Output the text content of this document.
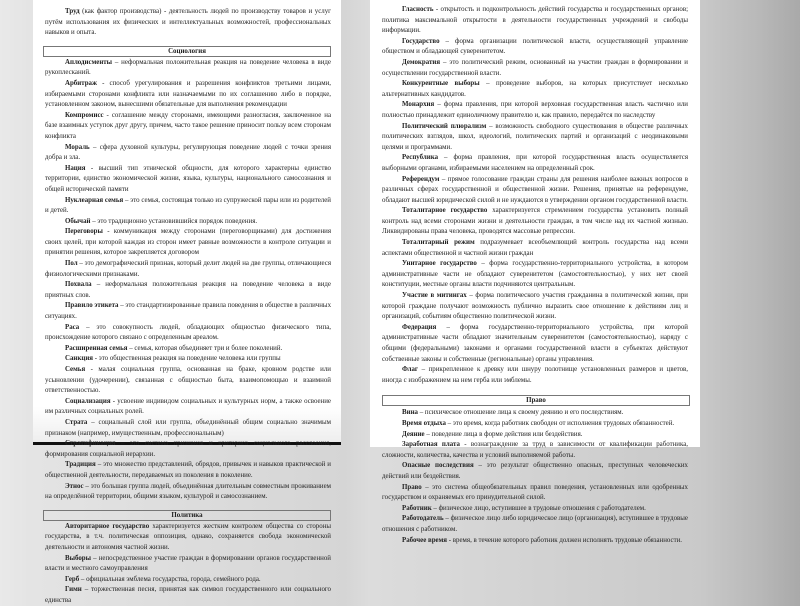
Труд (как фактор производства) - деятельность людей по производству товаров и услуг путём использования их физических и интеллектуальных возможностей, профессиональных навыков и опыта.

Социология

Аплодисменты – неформальная положительная реакция на поведение человека в виде рукоплесканий.

Арбитраж - способ урегулирования и разрешения конфликтов третьими лицами, избираемыми сторонами конфликта или назначаемыми по их соглашению либо в порядке, установленном законом, вынесшими обязательные для выполнения рекомендации

Компромисс - соглашение между сторонами, имеющими разногласия, заключенное на базе взаимных уступок друг другу, причем, часто такое решение приносит пользу всем сторонам конфликта

Мораль – сфера духовной культуры, регулирующая поведение людей с точки зрения добра и зла.

Нация - высший тип этнической общности, для которого характерны единство территории, единство экономической жизни, языка, культуры, национального самосознания и общей исторической памяти

Нуклеарная семья – это семья, состоящая только из супружеской пары или из родителей и детей.

Обычай – это традиционно установившийся порядок поведения.

Переговоры - коммуникация между сторонами (переговорщиками) для достижения своих целей, при которой каждая из сторон имеет равные возможности в контроле ситуации и принятии решения, которое закрепляется договором

Пол – это демографический признак, который делит людей на две группы, отличающиеся физиологическими признаками.

Похвала – неформальная положительная реакция на поведение человека в виде приятных слов.

Правило этикета – это стандартизированные правила поведения в обществе в различных ситуациях.

Раса – это совокупность людей, обладающих общностью физического типа, происхождение которого связано с определенным ареалом.

Расширенная семья – семья, которая объединяет три и более поколений.

Санкция - это общественная реакция на поведение человека или группы

Семья - малая социальная группа, основанная на браке, кровном родстве или усыновлении (удочерении), связанная с общностью быта, взаимопомощью и взаимной ответственностью.

Социализация - усвоение индивидом социальных и культурных норм, а также освоение им различных социальных ролей.

Страта – социальный слой или группа, объединённый общим социально значимым признаком (например, имущественным, профессиональным)

Стратификация – это система признаков и критериев социального расслоения, формирования социальной иерархии.

Традиция – это множество представлений, обрядов, привычек и навыков практической и общественной деятельности, передаваемых из поколения в поколение.

Этнос – это большая группа людей, объединённая длительным совместным проживанием на определённой территории, общими языком, культурой и самосознанием.

Политика

Авторитарное государство характеризуется жестким контролем общества со стороны государства, в т.ч. политическая оппозиция, однако, сохраняется свобода экономической деятельности и автономия частной жизни.

Выборы – непосредственное участие граждан в формировании органов государственной власти и местного самоуправления

Герб – официальная эмблема государства, города, семейного рода.

Гимн – торжественная песня, принятая как символ государственного или социального единства

Гласность - открытость и подконтрольность действий государства и государственных органов; политика максимальной открытости в деятельности государственных учреждений и свободы информации.

Государство – форма организации политической власти, осуществляющей управление обществом и обладающей суверенитетом.

Демократия – это политический режим, основанный на участии граждан в формировании и осуществлении государственной власти.

Конкурентные выборы – проведение выборов, на которых присутствует несколько альтернативных кандидатов.

Монархия – форма правления, при которой верховная государственная власть частично или полностью принадлежит единоличному правителю и, как правило, передаётся по наследству

Политический плюрализм – возможность свободного существования в обществе различных политических взглядов, школ, идеологий, политических партий и организаций с неодинаковыми целями и программами.

Республика – форма правления, при которой государственная власть осуществляется выборными органами, избираемыми населением на определенный срок.

Референдум – прямое голосование граждан страны для решения наиболее важных вопросов в различных сферах государственной и общественной жизни. Решения, принятые на референдуме, обладают высшей юридической силой и не нуждаются в утверждении органом государственной власти.

Тоталитарное государство характеризуется стремлением государства установить полный контроль над всеми сторонами жизни и деятельности граждан, в том числе над их частной жизнью. Ликвидированы права человека, проводятся массовые репрессии.

Тоталитарный режим подразумевает всеобъемлющий контроль государства над всеми аспектами общественной и частной жизни граждан

Унитарное государство – форма государственно-территориального устройства, в котором административные части не обладают суверенитетом (самостоятельностью), у них нет своей конституции, местные органы власти подчиняются центральным.

Участие в митингах – форма политического участия гражданина в политической жизни, при которой граждане получают возможность публично выразить свое отношение к действиям лиц и организаций, событиям общественно политической жизни.

Федерация – форма государственно-территориального устройства, при которой административные части обладают значительным суверенитетом (самостоятельностью), наряду с общими (федеральными) законами и органами государственной власти в субъектах действуют собственные законы и собственные (региональные) органы управления.

Флаг – прикрепленное к древку или шнуру полотнище установленных размеров и цветов, иногда с изображением на нем герба или эмблемы.

Право

Вина – психическое отношение лица к своему деянию и его последствиям.

Время отдыха – это время, когда работник свободен от исполнения трудовых обязанностей.

Деяние – поведение лица в форме действия или бездействия.

Заработная плата - вознаграждение за труд в зависимости от квалификации работника, сложности, количества, качества и условий выполняемой работы.

Опасные последствия – это результат общественно опасных, преступных человеческих действий или бездействия.

Право – это система общеобязательных правил поведения, установленных или одобренных государством и охраняемых его принудительной силой.

Работник – физическое лицо, вступившее в трудовые отношения с работодателем.

Работодатель – физическое лицо либо юридическое лицо (организация), вступившее в трудовые отношения с работником.

Рабочее время - время, в течение которого работник должен исполнять трудовые обязанности.
